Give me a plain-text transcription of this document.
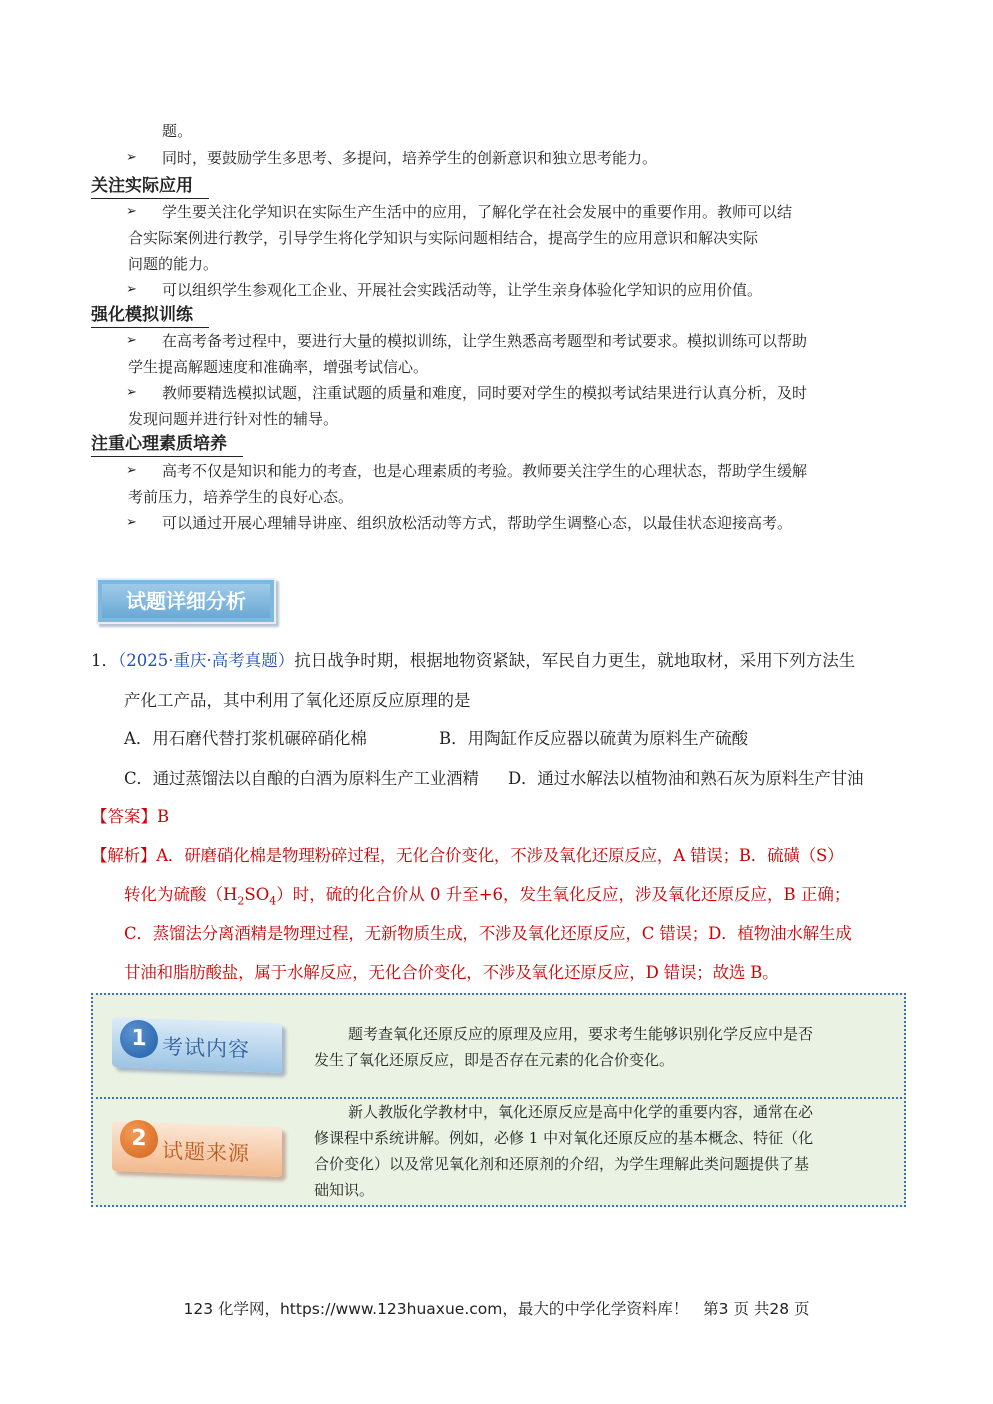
题。
➢ 同时，要鼓励学生多思考、多提问，培养学生的创新意识和独立思考能力。
关注实际应用
➢ 学生要关注化学知识在实际生产生活中的应用，了解化学在社会发展中的重要作用。教师可以结
合实际案例进行教学，引导学生将化学知识与实际问题相结合，提高学生的应用意识和解决实际
问题的能力。
➢ 可以组织学生参观化工企业、开展社会实践活动等，让学生亲身体验化学知识的应用价值。
强化模拟训练
➢ 在高考备考过程中，要进行大量的模拟训练，让学生熟悉高考题型和考试要求。模拟训练可以帮助
学生提高解题速度和准确率，增强考试信心。
➢ 教师要精选模拟试题，注重试题的质量和难度，同时要对学生的模拟考试结果进行认真分析，及时
发现问题并进行针对性的辅导。
注重心理素质培养
➢ 高考不仅是知识和能力的考查，也是心理素质的考验。教师要关注学生的心理状态，帮助学生缓解
考前压力，培养学生的良好心态。
➢ 可以通过开展心理辅导讲座、组织放松活动等方式，帮助学生调整心态，以最佳状态迎接高考。
试题详细分析
1．（2025·重庆·高考真题）抗日战争时期，根据地物资紧缺，军民自力更生，就地取材，采用下列方法生
产化工产品，其中利用了氧化还原反应原理的是
A．用石磨代替打浆机碾碎硝化棉	B．用陶缸作反应器以硫黄为原料生产硫酸
C．通过蒸馏法以自酿的白酒为原料生产工业酒精 D．通过水解法以植物油和熟石灰为原料生产甘油
【答案】B
【解析】A．研磨硝化棉是物理粉碎过程，无化合价变化，不涉及氧化还原反应，A 错误；B．硫磺（S）
转化为硫酸$(H_2SO_4)$时，硫的化合价从 0 升至+6，发生氧化反应，涉及氧化还原反应，B 正确；
C．蒸馏法分离酒精是物理过程，无新物质生成，不涉及氧化还原反应，C 错误；D．植物油水解生成
甘油和脂肪酸盐，属于水解反应，无化合价变化，不涉及氧化还原反应，D 错误；故选 B。
1 考试内容
题考查氧化还原反应的原理及应用，要求考生能够识别化学反应中是否
发生了氧化还原反应，即是否存在元素的化合价变化。
2
试题来源
新人教版化学教材中，氧化还原反应是高中化学的重要内容，通常在必
修课程中系统讲解。例如，必修 1 中对氧化还原反应的基本概念、特征（化
合价变化）以及常见氧化剂和还原剂的介绍，为学生理解此类问题提供了基
础知识。
123 化学网，https://www.123huaxue.com，最大的中学化学资料库！ 第3 页 共28 页
